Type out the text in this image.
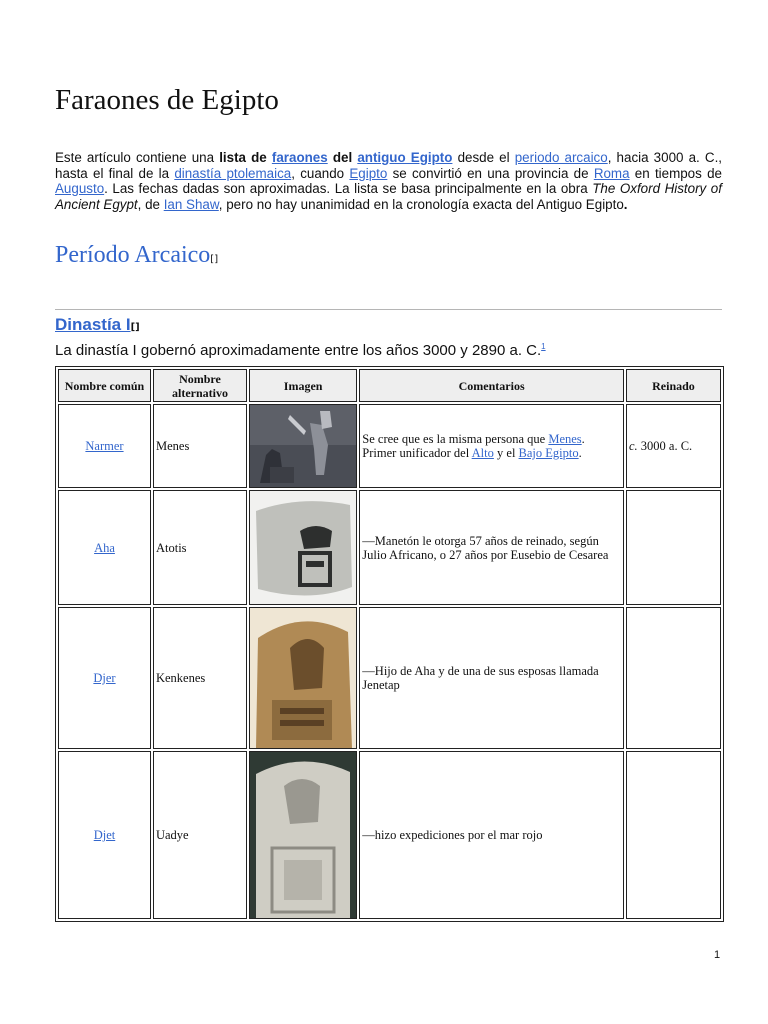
Faraones de Egipto

Este artículo contiene una lista de faraones del antiguo Egipto desde el periodo arcaico, hacia 3000 a. C., hasta el final de la dinastía ptolemaica, cuando Egipto se convirtió en una provincia de Roma en tiempos de Augusto. Las fechas dadas son aproximadas. La lista se basa principalmente en la obra The Oxford History of Ancient Egypt, de Ian Shaw, pero no hay unanimidad en la cronología exacta del Antiguo Egipto.

Período Arcaico[]
Dinastía I[]

La dinastía I gobernó aproximadamente entre los años 3000 y 2890 a. C.$^1$

Nombre común	Nombre alternativo	Imagen	Comentarios	Reinado
Narmer	Menes		Se cree que es la misma persona que Menes. Primer unificador del Alto y el Bajo Egipto.	c. 3000 a. C.
Aha	Atotis		—Manetón le otorga 57 años de reinado, según Julio Africano, o 27 años por Eusebio de Cesarea	
Djer	Kenkenes		—Hijo de Aha y de una de sus esposas llamada Jenetap	
Djet	Uadye		—hizo expediciones por el mar rojo	
1
